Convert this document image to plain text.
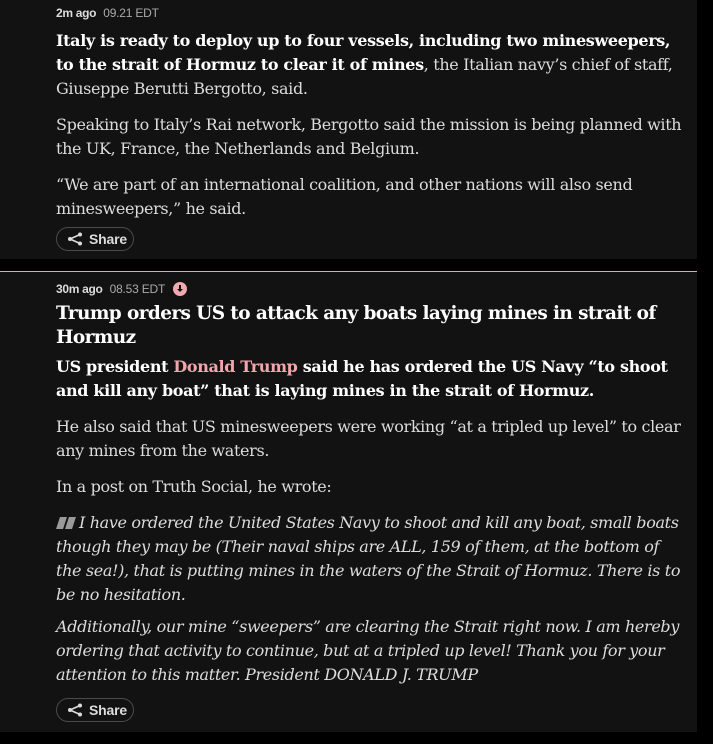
2m ago 09.21 EDT

Italy is ready to deploy up to four vessels, including two minesweepers, to the strait of Hormuz to clear it of mines, the Italian navy’s chief of staff, Giuseppe Berutti Bergotto, said.

Speaking to Italy’s Rai network, Bergotto said the mission is being planned with the UK, France, the Netherlands and Belgium.

“We are part of an international coalition, and other nations will also send minesweepers,” he said.

Share
30m ago 08.53 EDT
Trump orders US to attack any boats laying mines in strait of Hormuz

US president Donald Trump said he has ordered the US Navy “to shoot and kill any boat” that is laying mines in the strait of Hormuz.

He also said that US minesweepers were working “at a tripled up level” to clear any mines from the waters.

In a post on Truth Social, he wrote:

I have ordered the United States Navy to shoot and kill any boat, small boats though they may be (Their naval ships are ALL, 159 of them, at the bottom of the sea!), that is putting mines in the waters of the Strait of Hormuz. There is to be no hesitation.

Additionally, our mine “sweepers” are clearing the Strait right now. I am hereby ordering that activity to continue, but at a tripled up level! Thank you for your attention to this matter. President DONALD J. TRUMP

Share
